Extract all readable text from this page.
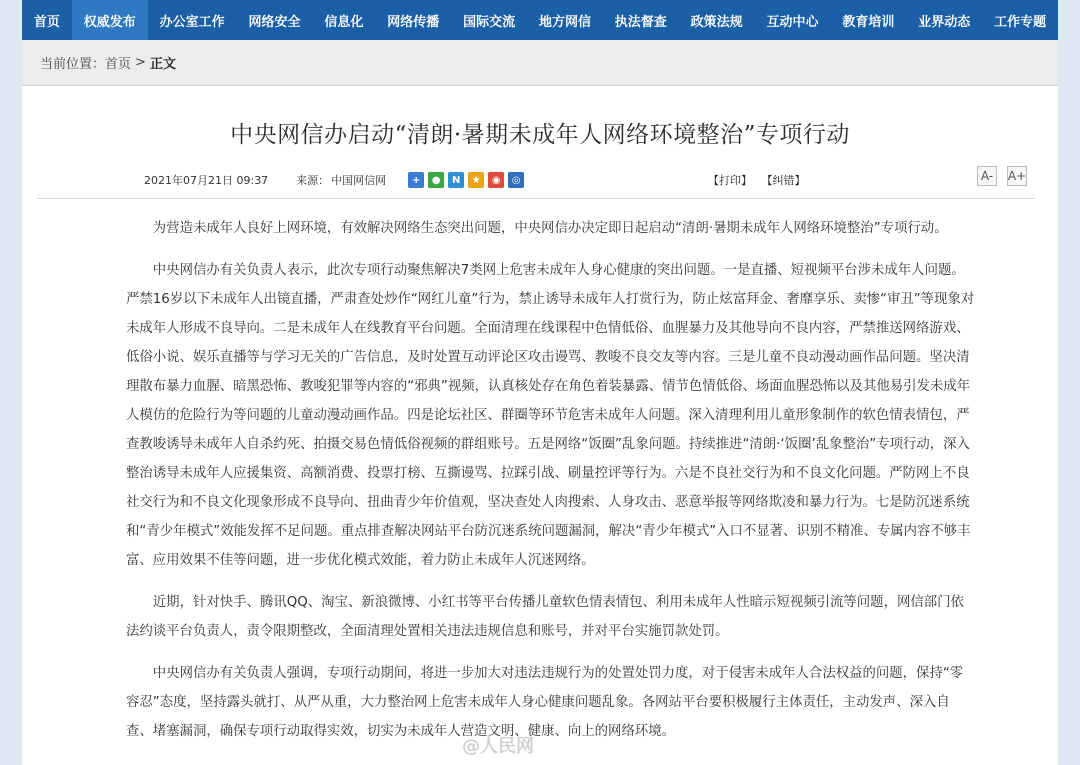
首页	权威发布	办公室工作	网络安全	信息化	网络传播	国际交流	地方网信	执法督查	政策法规	互动中心	教育培训	业界动态	工作专题
当前位置： 首页 > 正文
中央网信办启动“清朗·暑期未成年人网络环境整治”专项行动
2021年07月21日 09:37	来源： 中国网信网	+	●	N	★	◉	◎	【打印】 【纠错】	A-	A+

为营造未成年人良好上网环境，有效解决网络生态突出问题，中央网信办决定即日起启动“清朗·暑期未成年人网络环境整治”专项行动。

中央网信办有关负责人表示，此次专项行动聚焦解决7类网上危害未成年人身心健康的突出问题。一是直播、短视频平台涉未成年人问题。严禁16岁以下未成年人出镜直播，严肃查处炒作“网红儿童”行为，禁止诱导未成年人打赏行为，防止炫富拜金、奢靡享乐、卖惨“审丑”等现象对未成年人形成不良导向。二是未成年人在线教育平台问题。全面清理在线课程中色情低俗、血腥暴力及其他导向不良内容，严禁推送网络游戏、低俗小说、娱乐直播等与学习无关的广告信息，及时处置互动评论区攻击谩骂、教唆不良交友等内容。三是儿童不良动漫动画作品问题。坚决清理散布暴力血腥、暗黑恐怖、教唆犯罪等内容的“邪典”视频，认真核处存在角色着装暴露、情节色情低俗、场面血腥恐怖以及其他易引发未成年人模仿的危险行为等问题的儿童动漫动画作品。四是论坛社区、群圈等环节危害未成年人问题。深入清理利用儿童形象制作的软色情表情包，严查教唆诱导未成年人自杀约死、拍摄交易色情低俗视频的群组账号。五是网络“饭圈”乱象问题。持续推进“清朗·‘饭圈’乱象整治”专项行动，深入整治诱导未成年人应援集资、高额消费、投票打榜、互撕谩骂、拉踩引战、刷量控评等行为。六是不良社交行为和不良文化问题。严防网上不良社交行为和不良文化现象形成不良导向、扭曲青少年价值观，坚决查处人肉搜索、人身攻击、恶意举报等网络欺凌和暴力行为。七是防沉迷系统和“青少年模式”效能发挥不足问题。重点排查解决网站平台防沉迷系统问题漏洞，解决“青少年模式”入口不显著、识别不精准、专属内容不够丰富、应用效果不佳等问题，进一步优化模式效能，着力防止未成年人沉迷网络。

近期，针对快手、腾讯QQ、淘宝、新浪微博、小红书等平台传播儿童软色情表情包、利用未成年人性暗示短视频引流等问题，网信部门依法约谈平台负责人，责令限期整改，全面清理处置相关违法违规信息和账号，并对平台实施罚款处罚。

中央网信办有关负责人强调，专项行动期间，将进一步加大对违法违规行为的处置处罚力度，对于侵害未成年人合法权益的问题，保持“零容忍”态度，坚持露头就打、从严从重，大力整治网上危害未成年人身心健康问题乱象。各网站平台要积极履行主体责任，主动发声、深入自查、堵塞漏洞，确保专项行动取得实效，切实为未成年人营造文明、健康、向上的网络环境。

@人民网
